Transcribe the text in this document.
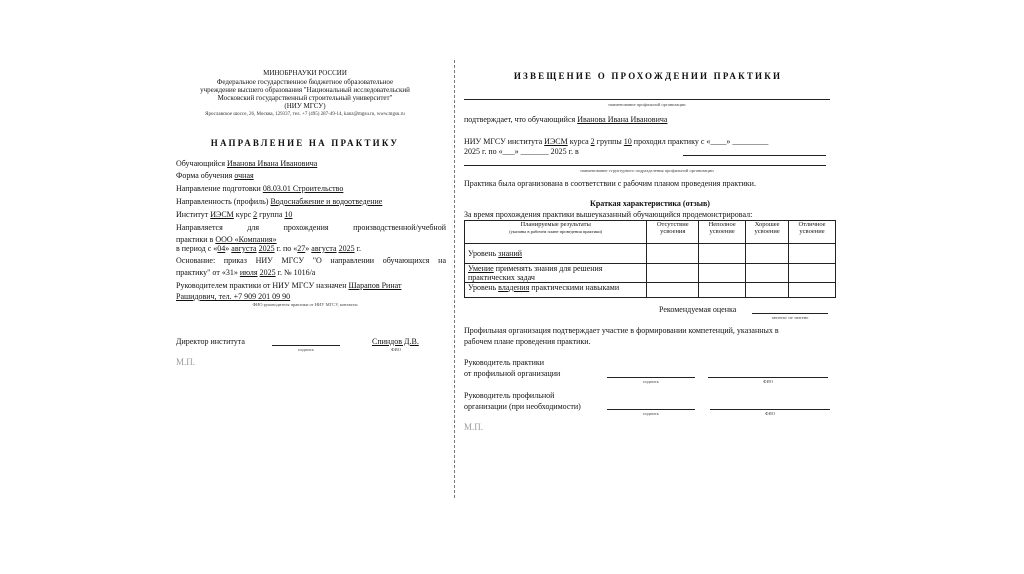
МИНОБРНАУКИ РОССИИ
Федеральное государственное бюджетное образовательное
учреждение высшего образования "Национальный исследовательский
Московский государственный строительный университет"
(НИУ МГСУ)
Ярославское шоссе, 26, Москва, 129337, тел. +7 (495) 287-49-14, kanz@mgsu.ru, www.mgsu.ru
НАПРАВЛЕНИЕ НА ПРАКТИКУ
Обучающийся Иванова Ивана Ивановича
Форма обучения очная
Направление подготовки 08.03.01 Строительство
Направленность (профиль) Водоснабжение и водоотведение
Институт ИЭСМ курс 2 группа 10
Направляется для прохождения производственной/учебной
практики в ООО «Компания»
в период с «04» августа 2025 г. по «27» августа 2025 г.
Основание: приказ НИУ МГСУ "О направлении обучающихся на
практику" от «31» июля 2025 г. № 1016/а
Руководителем практики от НИУ МГСУ назначен Шарапов Ринат
Рашидович, тел. +7 909 201 09 90
ФИО руководителя практики от НИУ МГСУ, контакты
Директор института
подпись
Спиндов Д.В.
ФИО
М.П.
ИЗВЕЩЕНИЕ О ПРОХОЖДЕНИИ ПРАКТИКИ
наименование профильной организации
подтверждает, что обучающийся Иванова Ивана Ивановича
НИУ МГСУ института ИЭСМ курса 2 группы 10 проходил практику с «____» _________
2025 г. по «___» _______ 2025 г. в
наименование структурного подразделения профильной организации
Практика была организована в соответствии с рабочим планом проведения практики.
Краткая характеристика (отзыв)
За время прохождения практики вышеуказанный обучающийся продемонстрировал:
Планируемые результаты
(указаны в рабочем плане проведения практики)	Отсутствие усвоения	Неполное усвоение	Хорошее усвоение	Отличное усвоение
Уровень знаний				
Умение применять знания для решения практических задач				
Уровень владения практическими навыками				
Рекомендуемая оценка
зачтено/ не зачтено
Профильная организация подтверждает участие в формировании компетенций, указанных в
рабочем плане проведения практики.
Руководитель практики
от профильной организации
подпись	ФИО
Руководитель профильной
организации (при необходимости)
подпись	ФИО
М.П.
